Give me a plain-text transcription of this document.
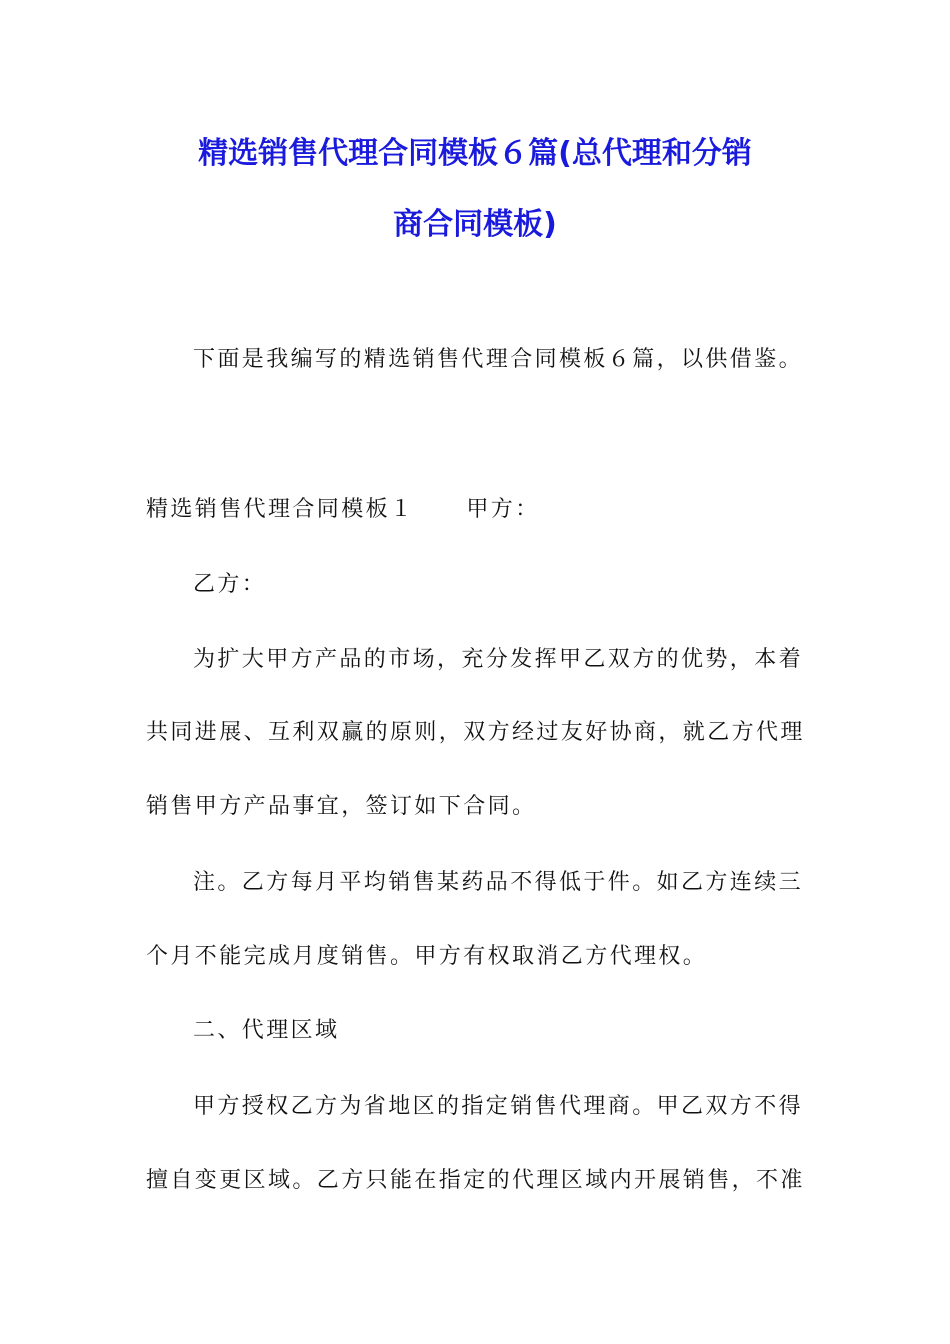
精选销售代理合同模板６篇(总代理和分销
商合同模板)
下面是我编写的精选销售代理合同模板６篇，以供借鉴。
精选销售代理合同模板１ 甲方：
乙方：
为扩大甲方产品的市场，充分发挥甲乙双方的优势，本着
共同进展、互利双赢的原则，双方经过友好协商，就乙方代理
销售甲方产品事宜，签订如下合同。
注。乙方每月平均销售某药品不得低于件。如乙方连续三
个月不能完成月度销售。甲方有权取消乙方代理权。
二、代理区域
甲方授权乙方为省地区的指定销售代理商。甲乙双方不得
擅自变更区域。乙方只能在指定的代理区域内开展销售，不准
